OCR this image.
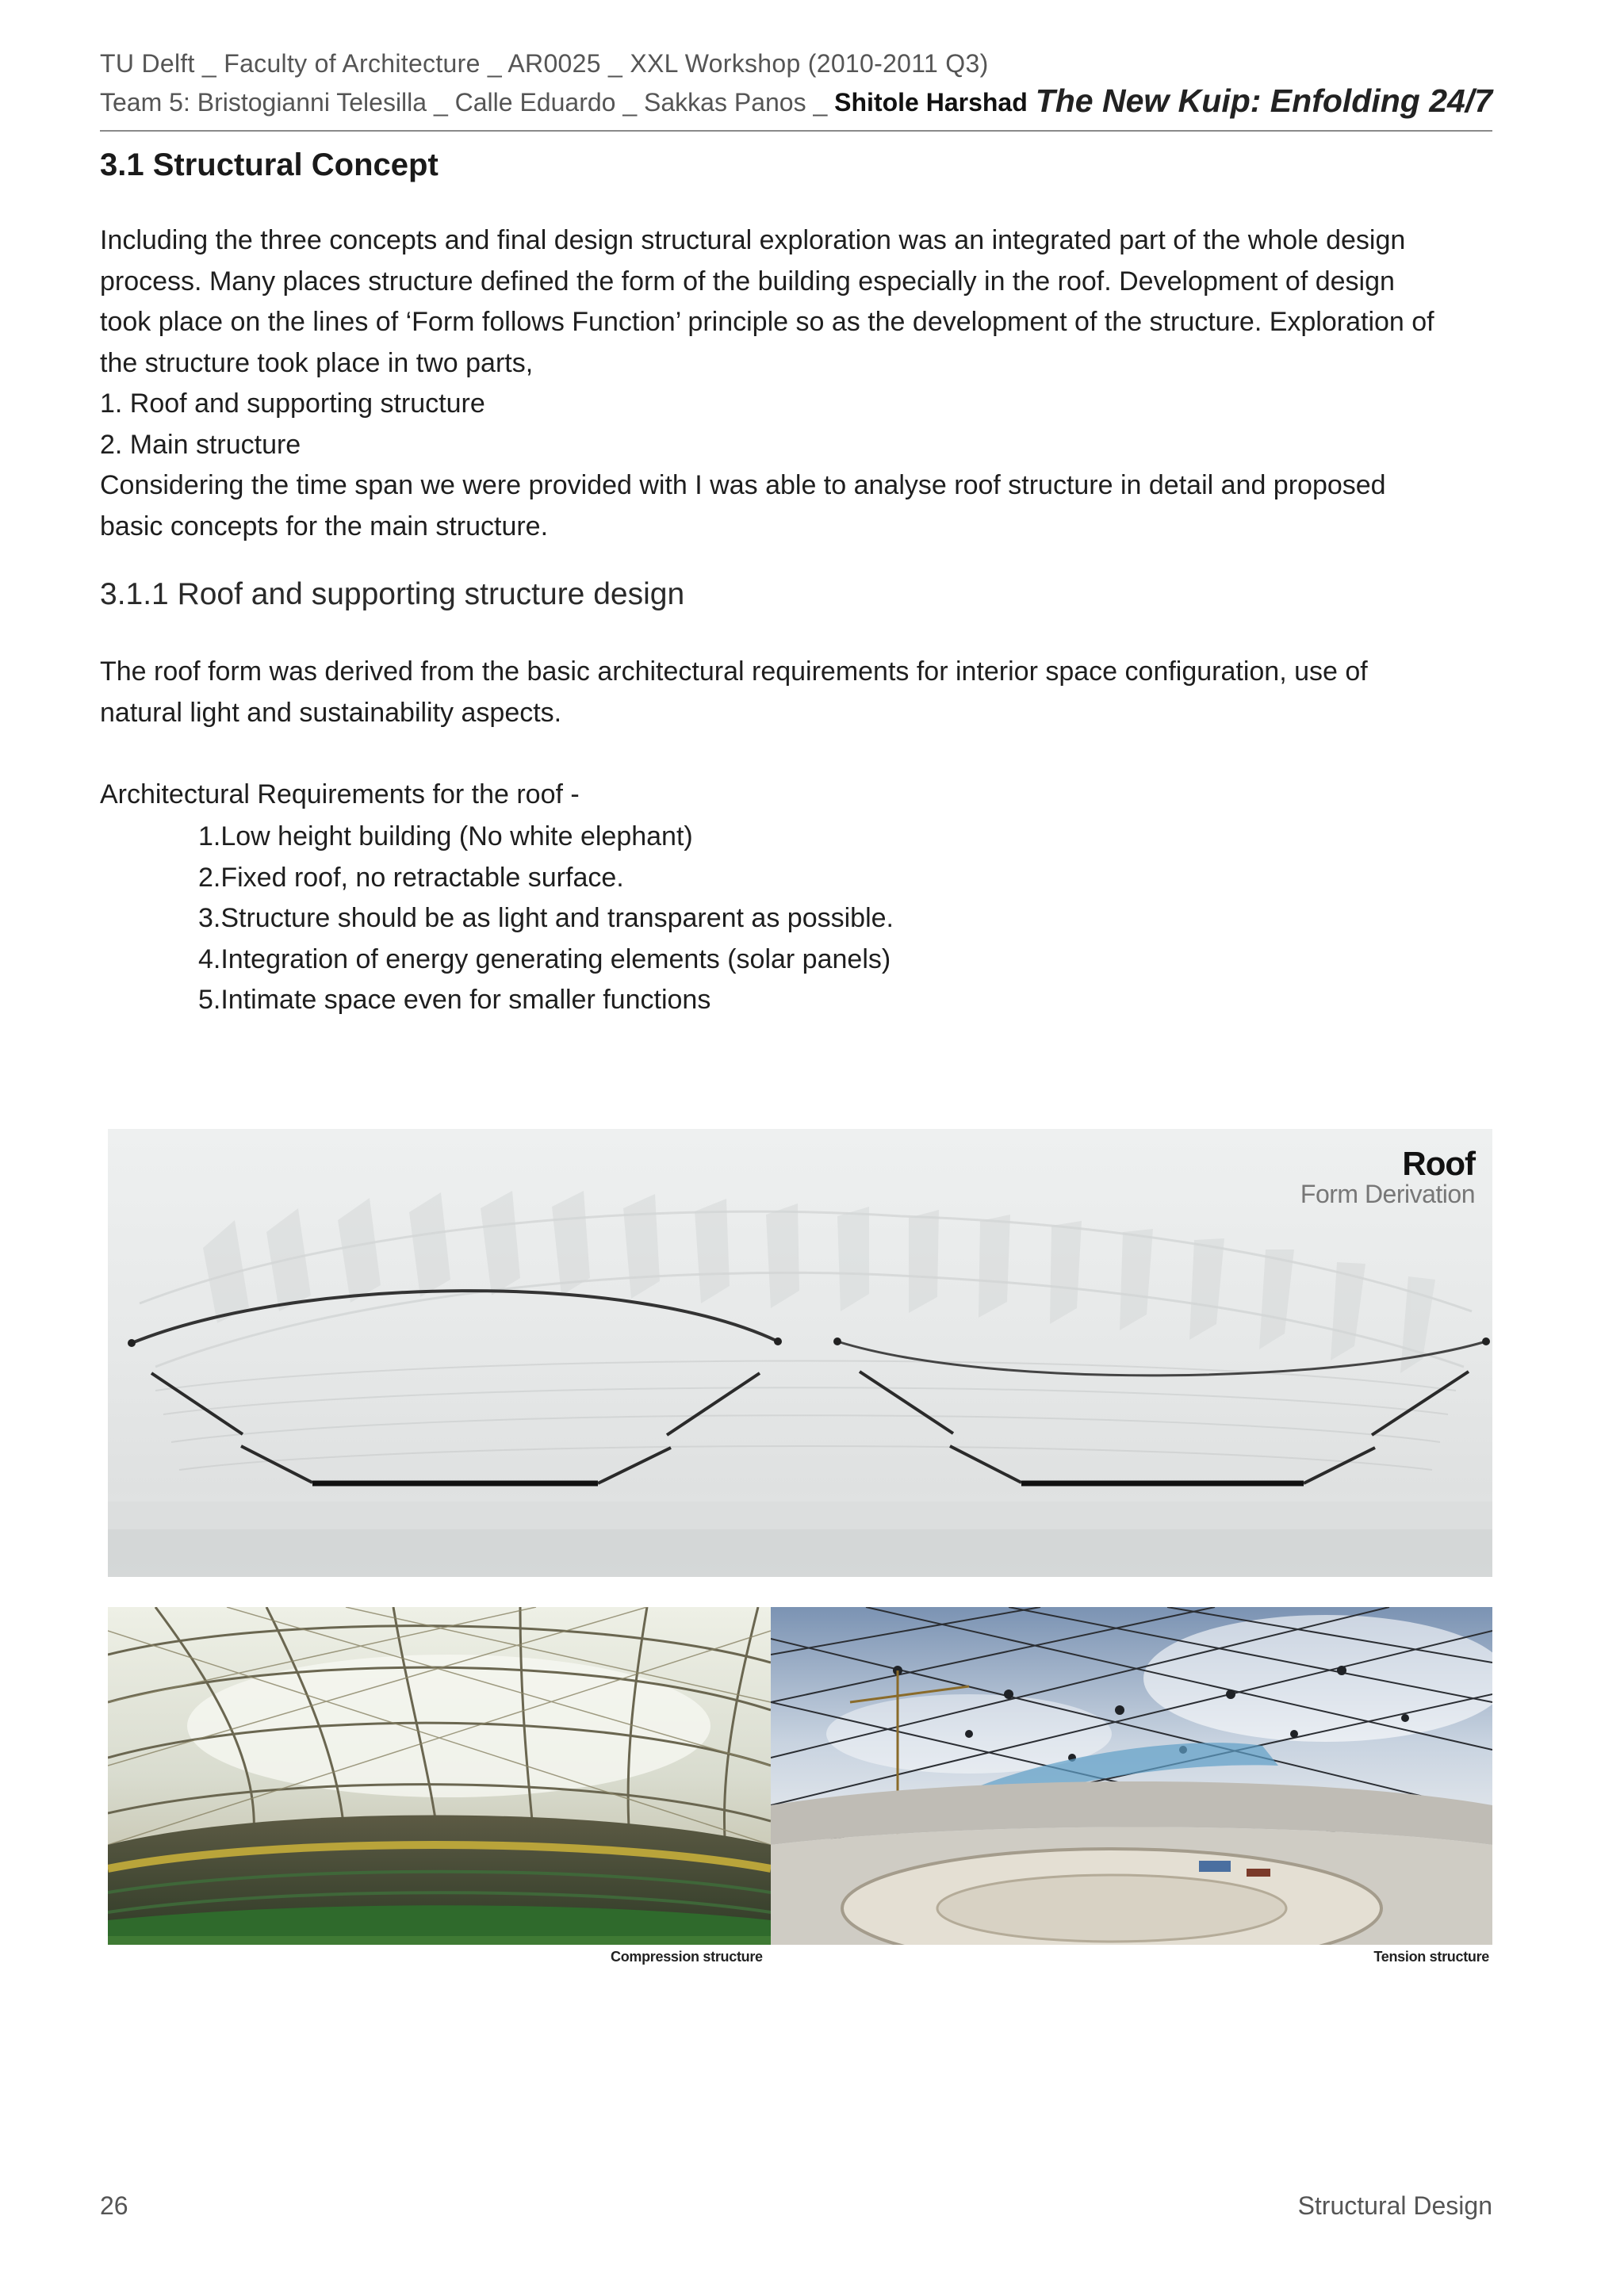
TU Delft _ Faculty of Architecture _ AR0025 _ XXL Workshop (2010-2011 Q3)
Team 5: Bristogianni Telesilla _ Calle Eduardo _ Sakkas Panos _ Shitole Harshad The New Kuip: Enfolding 24/7
3.1 Structural Concept

Including the three concepts and final design structural exploration was an integrated part of the whole design

process. Many places structure defined the form of the building especially in the roof. Development of design

took place on the lines of ‘Form follows Function’ principle so as the development of the structure. Exploration of

the structure took place in two parts,

1. Roof and supporting structure

2. Main structure

Considering the time span we were provided with I was able to analyse roof structure in detail and proposed

basic concepts for the main structure.

3.1.1 Roof and supporting structure design

The roof form was derived from the basic architectural requirements for interior space configuration, use of

natural light and sustainability aspects.

Architectural Requirements for the roof -
1.Low height building (No white elephant)
2.Fixed roof, no retractable surface.
3.Structure should be as light and transparent as possible.
4.Integration of energy generating elements (solar panels)
5.Intimate space even for smaller functions
Roof
Form Derivation
Compression structure	Tension structure
26	Structural Design
